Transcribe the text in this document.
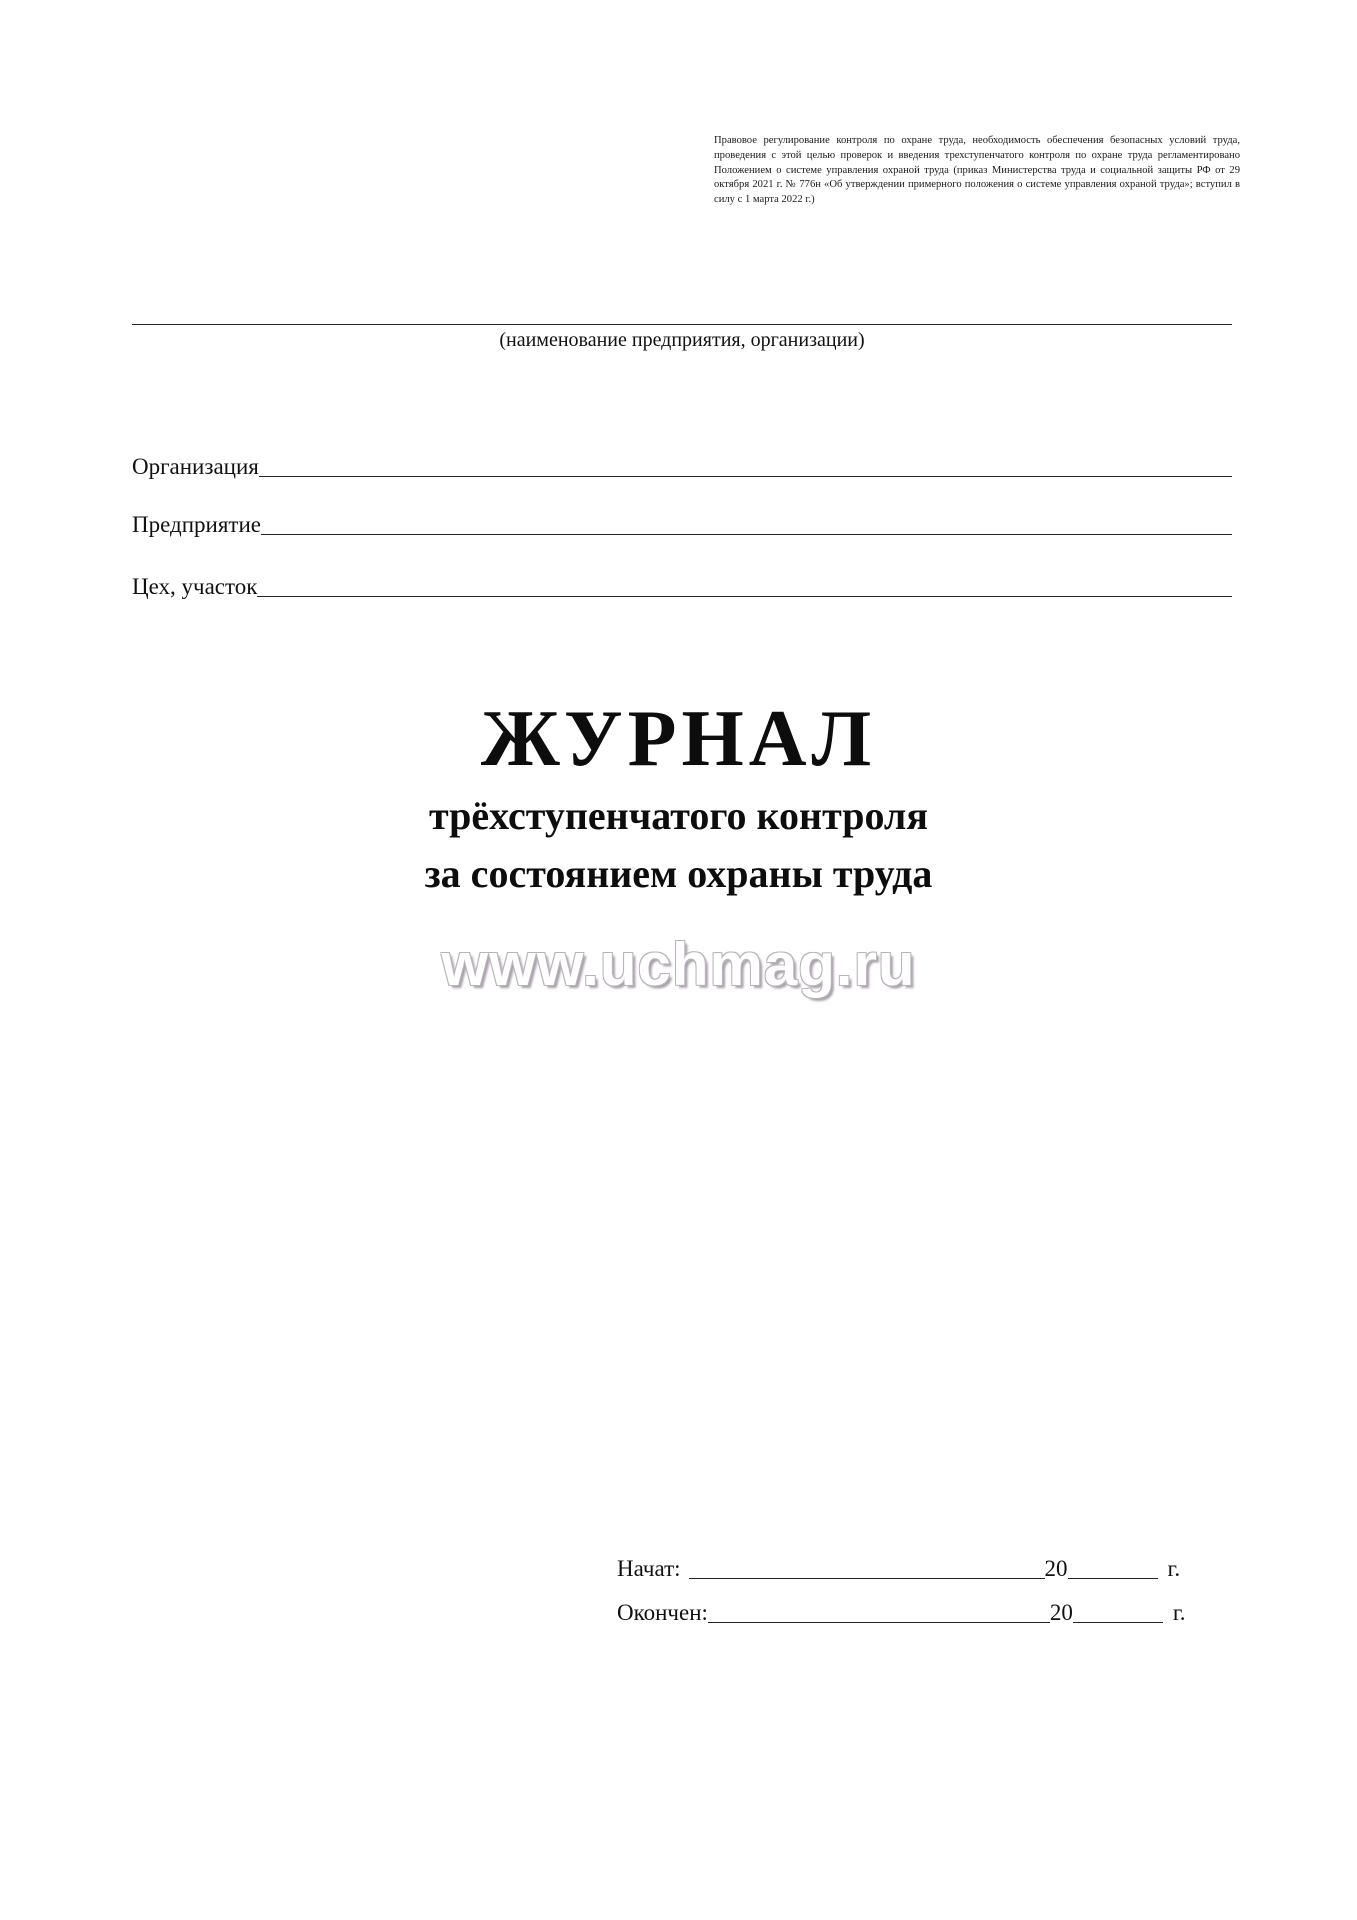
Правовое регулирование контроля по охране труда, необходимость обеспечения безопасных условий труда, проведения с этой целью проверок и введения трехступенчатого контроля по охране труда регламентировано Положением о системе управления охраной труда (приказ Министерства труда и социальной защиты РФ от 29 октября 2021 г. № 776н «Об утверждении примерного положения о системе управления охраной труда»; вступил в силу с 1 марта 2022 г.)
(наименование предприятия, организации)
Организация
Предприятие
Цех, участок
ЖУРНАЛ
трёхступенчатого контроля
за состоянием охраны труда
www.uchmag.ru
Начат:	20	г.
Окончен:	20	г.
